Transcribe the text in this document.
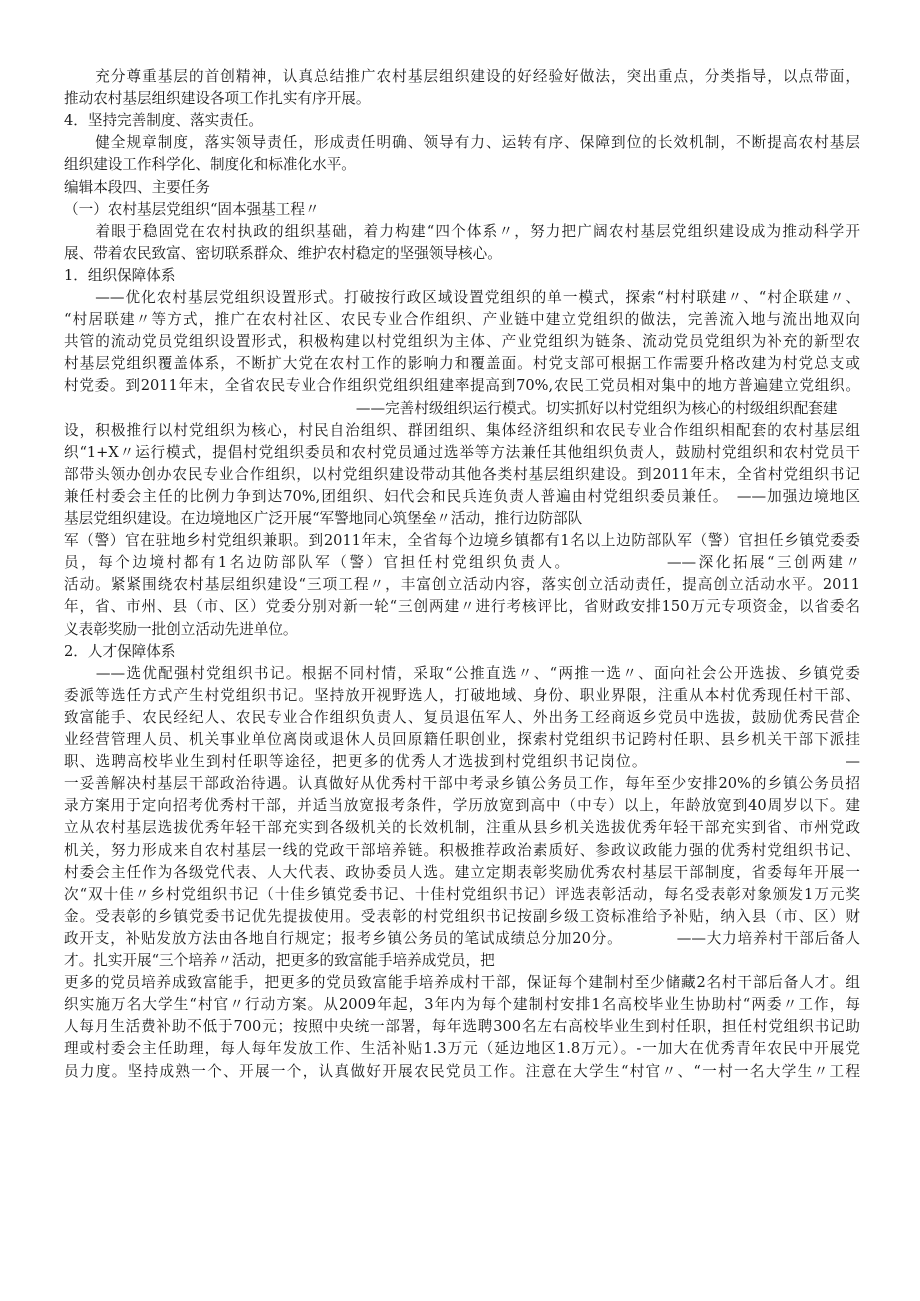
　　充分尊重基层的首创精神，认真总结推广农村基层组织建设的好经验好做法，突出重点，分类指导，以点带面，
推动农村基层组织建设各项工作扎实有序开展。
4．坚持完善制度、落实责任。
　　健全规章制度，落实领导责任，形成责任明确、领导有力、运转有序、保障到位的长效机制，不断提高农村基层
组织建设工作科学化、制度化和标准化水平。
编辑本段四、主要任务
（一）农村基层党组织“固本强基工程〃
　　着眼于稳固党在农村执政的组织基础，着力构建“四个体系〃，努力把广阔农村基层党组织建设成为推动科学开
展、带着农民致富、密切联系群众、维护农村稳定的坚强领导核心。
1．组织保障体系
　　——优化农村基层党组织设置形式。打破按行政区域设置党组织的单一模式，探索“村村联建〃、“村企联建〃、
“村居联建〃等方式，推广在农村社区、农民专业合作组织、产业链中建立党组织的做法，完善流入地与流出地双向
共管的流动党员党组织设置形式，积极构建以村党组织为主体、产业党组织为链条、流动党员党组织为补充的新型农
村基层党组织覆盖体系，不断扩大党在农村工作的影响力和覆盖面。村党支部可根据工作需要升格改建为村党总支或
村党委。到2011年末，全省农民专业合作组织党组织组建率提高到70%,农民工党员相对集中的地方普遍建立党组织。
　　　　　　　　　　　　　　　　　　　　——完善村级组织运行模式。切实抓好以村党组织为核心的村级组织配套建
设，积极推行以村党组织为核心，村民自治组织、群团组织、集体经济组织和农民专业合作组织相配套的农村基层组
织“1+X〃运行模式，提倡村党组织委员和农村党员通过选举等方法兼任其他组织负责人，鼓励村党组织和农村党员干
部带头领办创办农民专业合作组织，以村党组织建设带动其他各类村基层组织建设。到2011年末，全省村党组织书记
兼任村委会主任的比例力争到达70%,团组织、妇代会和民兵连负责人普遍由村党组织委员兼任。　——加强边境地区
基层党组织建设。在边境地区广泛开展“军警地同心筑堡垒〃活动，推行边防部队
军（警）官在驻地乡村党组织兼职。到2011年末，全省每个边境乡镇都有1名以上边防部队军（警）官担任乡镇党委委
员，每个边境村都有1名边防部队军（警）官担任村党组织负责人。　　　　　　——深化拓展“三创两建〃
活动。紧紧围绕农村基层组织建设“三项工程〃，丰富创立活动内容，落实创立活动责任，提高创立活动水平。2011
年，省、市州、县（市、区）党委分别对新一轮“三创两建〃进行考核评比，省财政安排150万元专项资金，以省委名
义表彰奖励一批创立活动先进单位。
2．人才保障体系
　　——选优配强村党组织书记。根据不同村情，采取“公推直选〃、“两推一选〃、面向社会公开选拔、乡镇党委
委派等选任方式产生村党组织书记。坚持放开视野选人，打破地域、身份、职业界限，注重从本村优秀现任村干部、
致富能手、农民经纪人、农民专业合作组织负责人、复员退伍军人、外出务工经商返乡党员中选拔，鼓励优秀民营企
业经营管理人员、机关事业单位离岗或退休人员回原籍任职创业，探索村党组织书记跨村任职、县乡机关干部下派挂
职、选聘高校毕业生到村任职等途径，把更多的优秀人才选拔到村党组织书记岗位。　　　　　　　　　　　　　—
一妥善解决村基层干部政治待遇。认真做好从优秀村干部中考录乡镇公务员工作，每年至少安排20%的乡镇公务员招
录方案用于定向招考优秀村干部，并适当放宽报考条件，学历放宽到高中（中专）以上，年龄放宽到40周岁以下。建
立从农村基层选拔优秀年轻干部充实到各级机关的长效机制，注重从县乡机关选拔优秀年轻干部充实到省、市州党政
机关，努力形成来自农村基层一线的党政干部培养链。积极推荐政治素质好、参政议政能力强的优秀村党组织书记、
村委会主任作为各级党代表、人大代表、政协委员人选。建立定期表彰奖励优秀农村基层干部制度，省委每年开展一
次“双十佳〃乡村党组织书记（十佳乡镇党委书记、十佳村党组织书记）评选表彰活动，每名受表彰对象颁发1万元奖
金。受表彰的乡镇党委书记优先提拔使用。受表彰的村党组织书记按副乡级工资标准给予补贴，纳入县（市、区）财
政开支，补贴发放方法由各地自行规定；报考乡镇公务员的笔试成绩总分加20分。　　　　——大力培养村干部后备人
才。扎实开展“三个培养〃活动，把更多的致富能手培养成党员，把
更多的党员培养成致富能手，把更多的党员致富能手培养成村干部，保证每个建制村至少储藏2名村干部后备人才。组
织实施万名大学生“村官〃行动方案。从2009年起，3年内为每个建制村安排1名高校毕业生协助村“两委〃工作，每
人每月生活费补助不低于700元；按照中央统一部署，每年选聘300名左右高校毕业生到村任职，担任村党组织书记助
理或村委会主任助理，每人每年发放工作、生活补贴1.3万元（延边地区1.8万元）。-一加大在优秀青年农民中开展党
员力度。坚持成熟一个、开展一个，认真做好开展农民党员工作。注意在大学生“村官〃、“一村一名大学生〃工程
